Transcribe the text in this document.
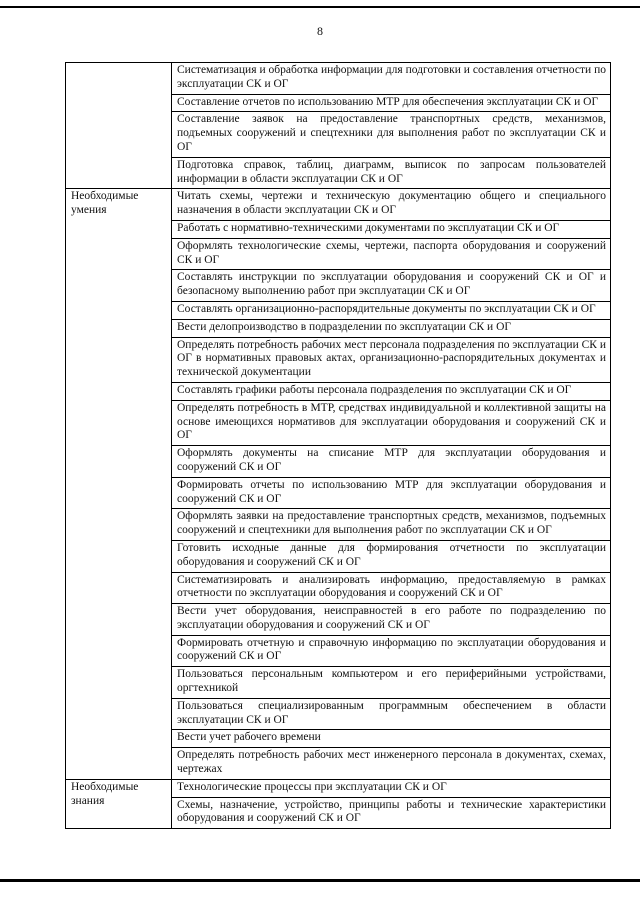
8
	Систематизация и обработка информации для подготовки и составления отчетности по эксплуатации СК и ОГ
	Составление отчетов по использованию МТР для обеспечения эксплуатации СК и ОГ
	Составление заявок на предоставление транспортных средств, механизмов, подъемных сооружений и спецтехники для выполнения работ по эксплуатации СК и ОГ
	Подготовка справок, таблиц, диаграмм, выписок по запросам пользователей информации в области эксплуатации СК и ОГ
Необходимые умения	Читать схемы, чертежи и техническую документацию общего и специального назначения в области эксплуатации СК и ОГ
	Работать с нормативно-техническими документами по эксплуатации СК и ОГ
	Оформлять технологические схемы, чертежи, паспорта оборудования и сооружений СК и ОГ
	Составлять инструкции по эксплуатации оборудования и сооружений СК и ОГ и безопасному выполнению работ при эксплуатации СК и ОГ
	Составлять организационно-распорядительные документы по эксплуатации СК и ОГ
	Вести делопроизводство в подразделении по эксплуатации СК и ОГ
	Определять потребность рабочих мест персонала подразделения по эксплуатации СК и ОГ в нормативных правовых актах, организационно-распорядительных документах и технической документации
	Составлять графики работы персонала подразделения по эксплуатации СК и ОГ
	Определять потребность в МТР, средствах индивидуальной и коллективной защиты на основе имеющихся нормативов для эксплуатации оборудования и сооружений СК и ОГ
	Оформлять документы на списание МТР для эксплуатации оборудования и сооружений СК и ОГ
	Формировать отчеты по использованию МТР для эксплуатации оборудования и сооружений СК и ОГ
	Оформлять заявки на предоставление транспортных средств, механизмов, подъемных сооружений и спецтехники для выполнения работ по эксплуатации СК и ОГ
	Готовить исходные данные для формирования отчетности по эксплуатации оборудования и сооружений СК и ОГ
	Систематизировать и анализировать информацию, предоставляемую в рамках отчетности по эксплуатации оборудования и сооружений СК и ОГ
	Вести учет оборудования, неисправностей в его работе по подразделению по эксплуатации оборудования и сооружений СК и ОГ
	Формировать отчетную и справочную информацию по эксплуатации оборудования и сооружений СК и ОГ
	Пользоваться персональным компьютером и его периферийными устройствами, оргтехникой
	Пользоваться специализированным программным обеспечением в области эксплуатации СК и ОГ
	Вести учет рабочего времени
	Определять потребность рабочих мест инженерного персонала в документах, схемах, чертежах
Необходимые знания	Технологические процессы при эксплуатации СК и ОГ
	Схемы, назначение, устройство, принципы работы и технические характеристики оборудования и сооружений СК и ОГ
